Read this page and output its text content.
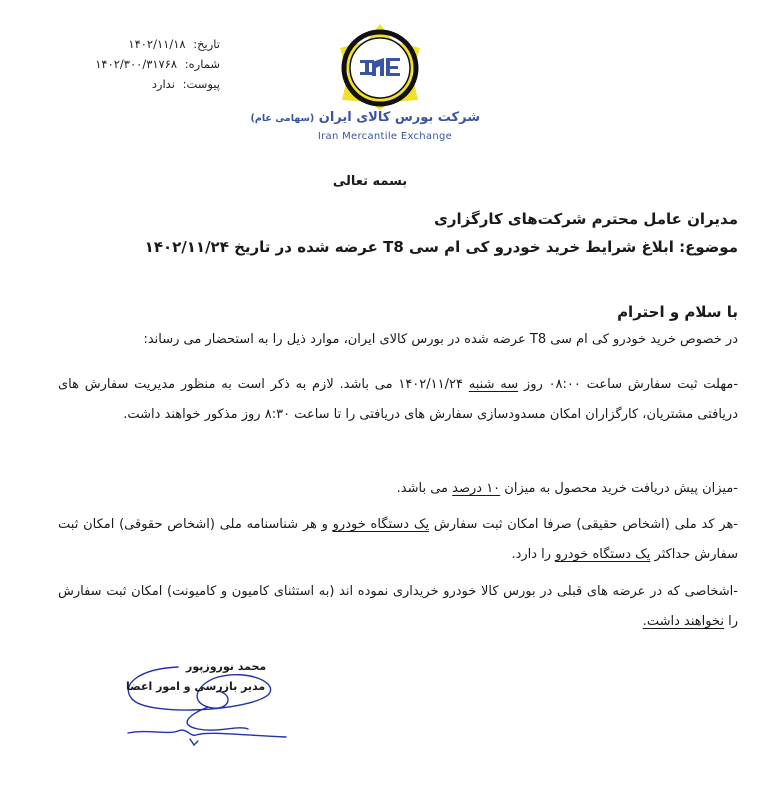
تاریخ: ۱۴۰۲/۱۱/۱۸
شماره: ۱۴۰۲/۳۰۰/۳۱۷۶۸
پیوست: ندارد
شرکت بورس کالای ایران (سهامی عام)
Iran Mercantile Exchange
بسمه تعالی
مدیران عامل محترم شرکت‌های کارگزاری
موضوع: ابلاغ شرایط خرید خودرو کی ام سی T8 عرضه شده در تاریخ ۱۴۰۲/۱۱/۲۴
با سلام و احترام
در خصوص خرید خودرو کی ام سی T8 عرضه شده در بورس کالای ایران، موارد ذیل را به استحضار می رساند:
-مهلت ثبت سفارش ساعت ۰۸:۰۰ روز سه شنبه ۱۴۰۲/۱۱/۲۴ می باشد. لازم به ذکر است به منظور مدیریت سفارش های دریافتی مشتریان، کارگزاران امکان مسدودسازی سفارش های دریافتی را تا ساعت ۸:۳۰ روز مذکور خواهند داشت.
-میزان پیش دریافت خرید محصول به میزان ۱۰ درصد می باشد.
-هر کد ملی (اشخاص حقیقی) صرفا امکان ثبت سفارش یک دستگاه خودرو و هر شناسنامه ملی (اشخاص حقوقی) امکان ثبت سفارش حداکثر یک دستگاه خودرو را دارد.
-اشخاصی که در عرضه های قبلی در بورس کالا خودرو خریداری نموده اند (به استثنای کامیون و کامیونت) امکان ثبت سفارش را نخواهند داشت.
محمد نوروزپور
مدیر بازرسی و امور اعضا
